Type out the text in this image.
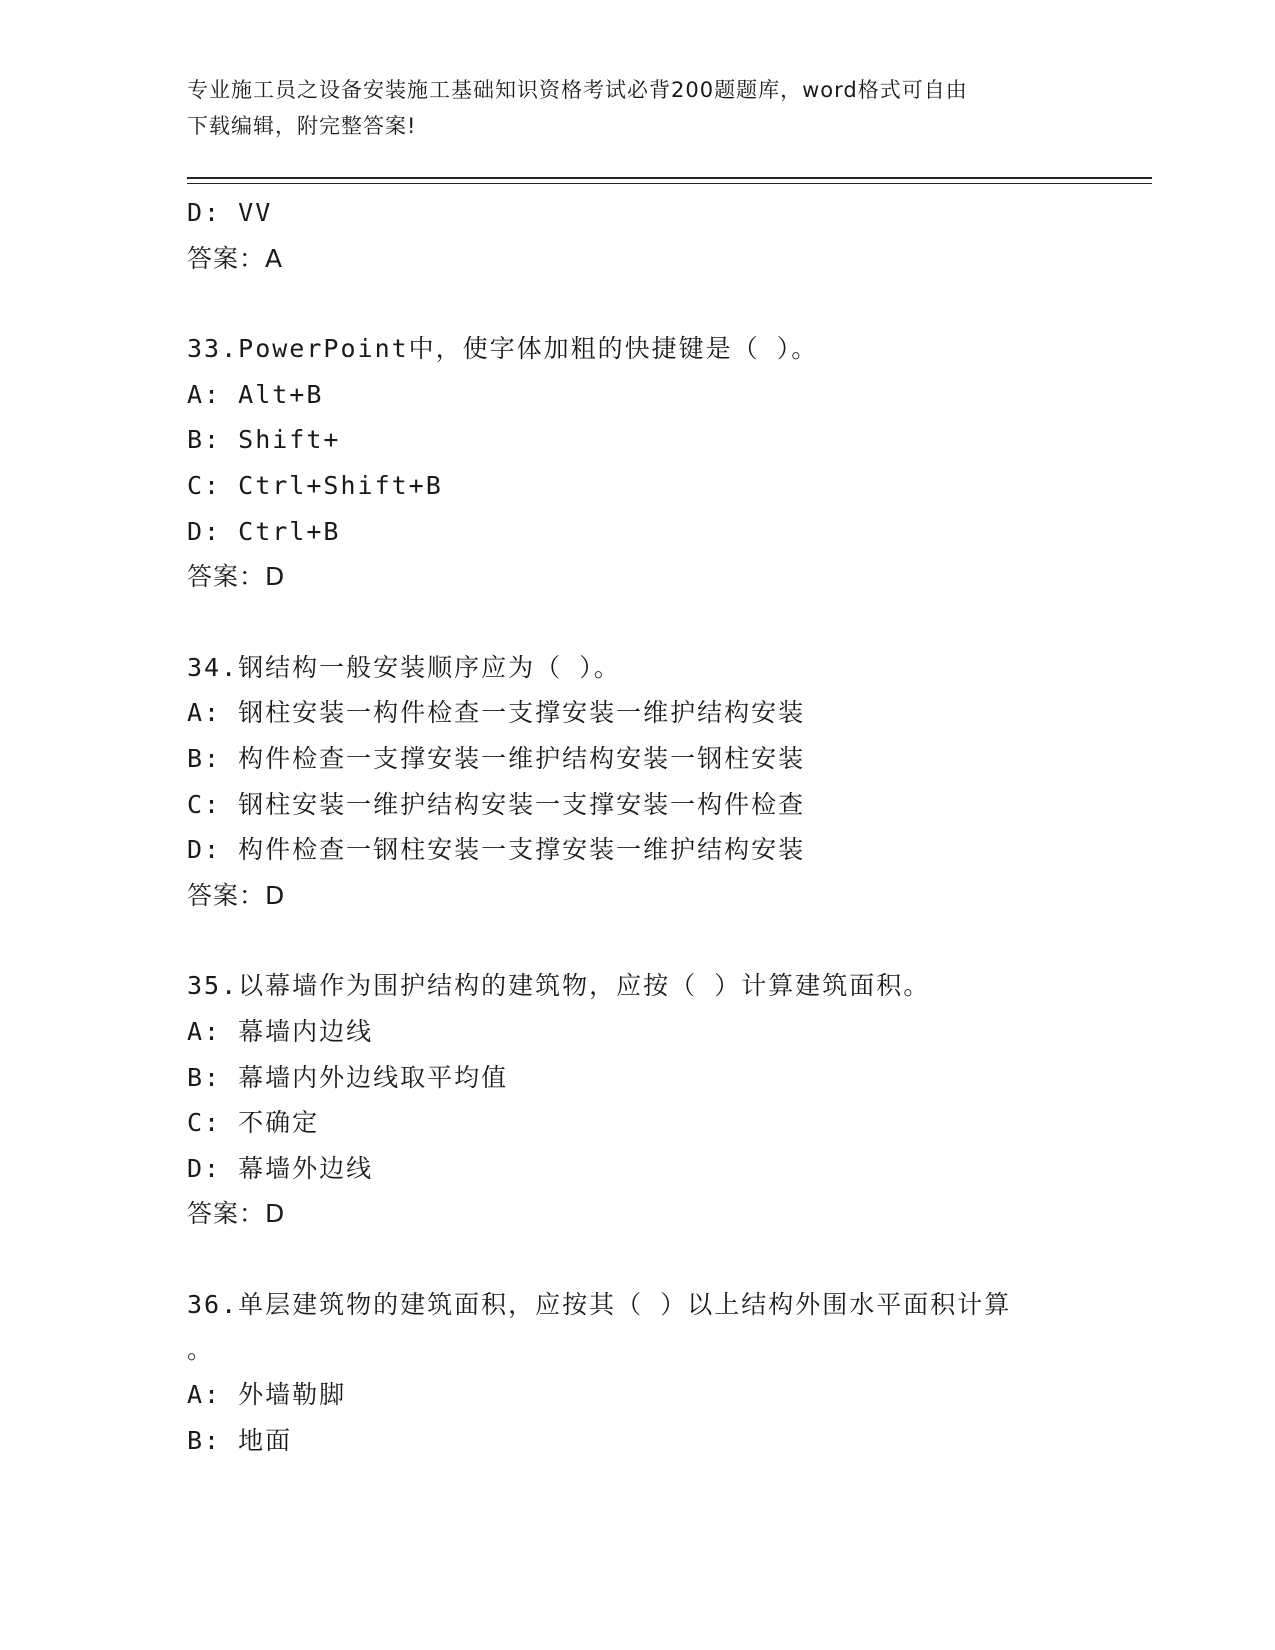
专业施工员之设备安装施工基础知识资格考试必背200题题库，word格式可自由
下载编辑，附完整答案!
D: VV
答案：A
33.PowerPoint中，使字体加粗的快捷键是（ ）。
A: Alt+B
B: Shift+
C: Ctrl+Shift+B
D: Ctrl+B
答案：D
34.钢结构一般安装顺序应为（ ）。
A: 钢柱安装一构件检查一支撑安装一维护结构安装
B: 构件检查一支撑安装一维护结构安装一钢柱安装
C: 钢柱安装一维护结构安装一支撑安装一构件检查
D: 构件检查一钢柱安装一支撑安装一维护结构安装
答案：D
35.以幕墙作为围护结构的建筑物，应按（ ）计算建筑面积。
A: 幕墙内边线
B: 幕墙内外边线取平均值
C: 不确定
D: 幕墙外边线
答案：D
36.单层建筑物的建筑面积，应按其（ ）以上结构外围水平面积计算
。
A: 外墙勒脚
B: 地面
